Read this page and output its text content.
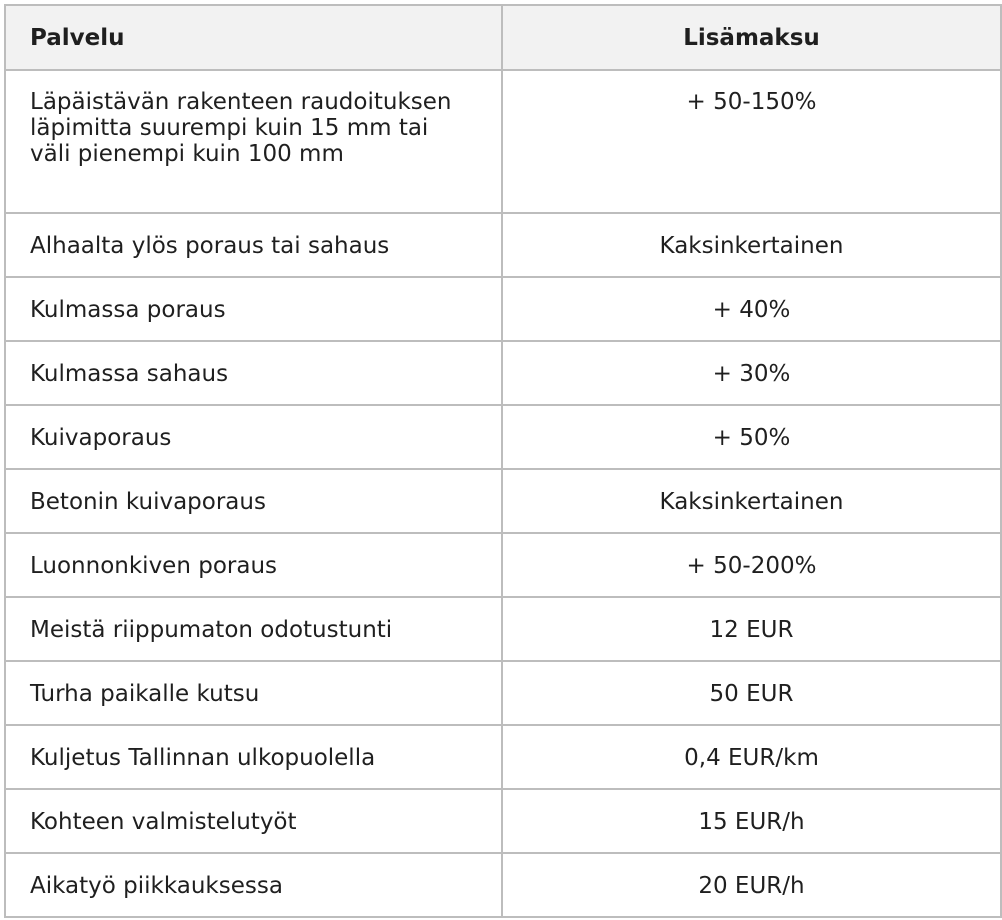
Palvelu	Lisämaksu
Läpäistävän rakenteen raudoituksen läpimitta suurempi kuin 15 mm tai väli pienempi kuin 100 mm	+ 50-150%
Alhaalta ylös poraus tai sahaus	Kaksinkertainen
Kulmassa poraus	+ 40%
Kulmassa sahaus	+ 30%
Kuivaporaus	+ 50%
Betonin kuivaporaus	Kaksinkertainen
Luonnonkiven poraus	+ 50-200%
Meistä riippumaton odotustunti	12 EUR
Turha paikalle kutsu	50 EUR
Kuljetus Tallinnan ulkopuolella	0,4 EUR/km
Kohteen valmistelutyöt	15 EUR/h
Aikatyö piikkauksessa	20 EUR/h
